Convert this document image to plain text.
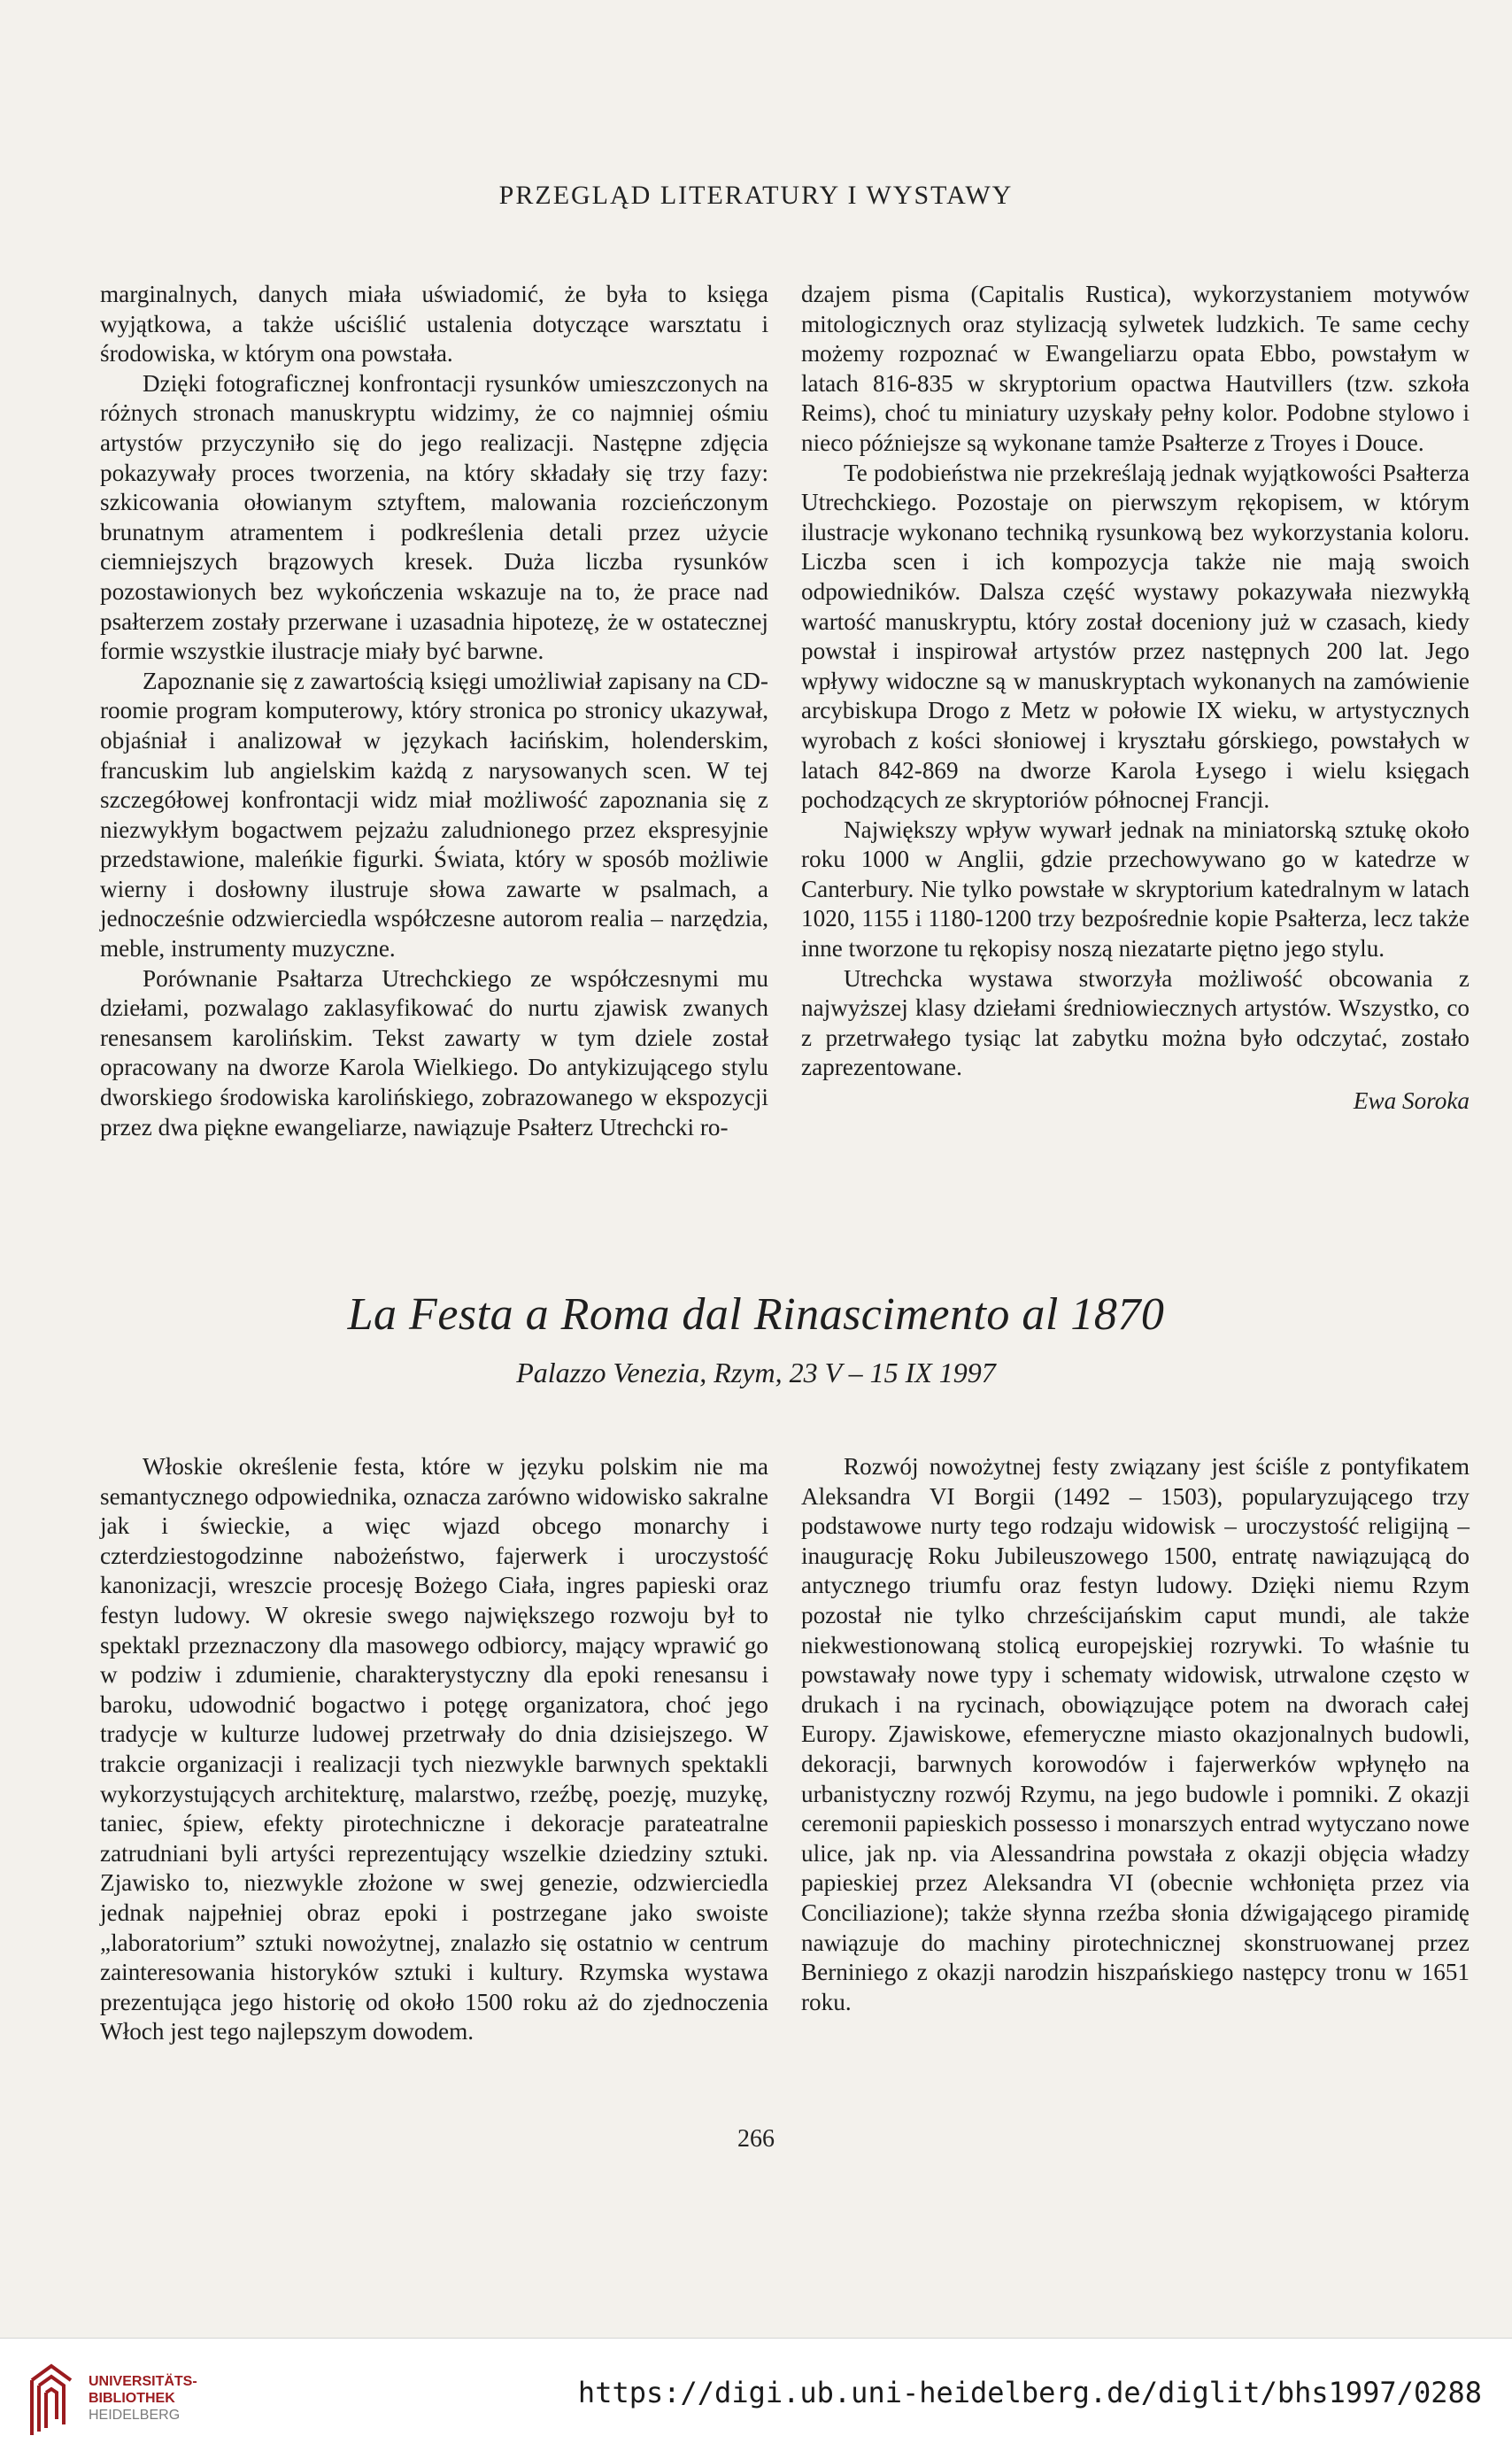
PRZEGLĄD LITERATURY I WYSTAWY

marginalnych, danych miała uświadomić, że była to księga wyjątkowa, a także uściślić ustalenia dotyczące warsztatu i środowiska, w którym ona powstała.

Dzięki fotograficznej konfrontacji rysunków umieszczonych na różnych stronach manuskryptu widzimy, że co najmniej ośmiu artystów przyczyniło się do jego realizacji. Następne zdjęcia pokazywały proces tworzenia, na który składały się trzy fazy: szkicowania ołowianym sztyftem, malowania rozcieńczonym brunatnym atramentem i podkreślenia detali przez użycie ciemniejszych brązowych kresek. Duża liczba rysunków pozostawionych bez wykończenia wskazuje na to, że prace nad psałterzem zostały przerwane i uzasadnia hipotezę, że w ostatecznej formie wszystkie ilustracje miały być barwne.

Zapoznanie się z zawartością księgi umożliwiał zapisany na CD-roomie program komputerowy, który stronica po stronicy ukazywał, objaśniał i analizował w językach łacińskim, holenderskim, francuskim lub angielskim każdą z narysowanych scen. W tej szczegółowej konfrontacji widz miał możliwość zapoznania się z niezwykłym bogactwem pejzażu zaludnionego przez ekspresyjnie przedstawione, maleńkie figurki. Świata, który w sposób możliwie wierny i dosłowny ilustruje słowa zawarte w psalmach, a jednocześnie odzwierciedla współczesne autorom realia – narzędzia, meble, instrumenty muzyczne.

Porównanie Psałtarza Utrechckiego ze współczesnymi mu dziełami, pozwalago zaklasyfikować do nurtu zjawisk zwanych renesansem karolińskim. Tekst zawarty w tym dziele został opracowany na dworze Karola Wielkiego. Do antykizującego stylu dworskiego środowiska karolińskiego, zobrazowanego w ekspozycji przez dwa piękne ewangeliarze, nawiązuje Psałterz Utrechcki ro-

dzajem pisma (Capitalis Rustica), wykorzystaniem motywów mitologicznych oraz stylizacją sylwetek ludzkich. Te same cechy możemy rozpoznać w Ewangeliarzu opata Ebbo, powstałym w latach 816-835 w skryptorium opactwa Hautvillers (tzw. szkoła Reims), choć tu miniatury uzyskały pełny kolor. Podobne stylowo i nieco późniejsze są wykonane tamże Psałterze z Troyes i Douce.

Te podobieństwa nie przekreślają jednak wyjątkowości Psałterza Utrechckiego. Pozostaje on pierwszym rękopisem, w którym ilustracje wykonano techniką rysunkową bez wykorzystania koloru. Liczba scen i ich kompozycja także nie mają swoich odpowiedników. Dalsza część wystawy pokazywała niezwykłą wartość manuskryptu, który został doceniony już w czasach, kiedy powstał i inspirował artystów przez następnych 200 lat. Jego wpływy widoczne są w manuskryptach wykonanych na zamówienie arcybiskupa Drogo z Metz w połowie IX wieku, w artystycznych wyrobach z kości słoniowej i kryształu górskiego, powstałych w latach 842-869 na dworze Karola Łysego i wielu księgach pochodzących ze skryptoriów północnej Francji.

Największy wpływ wywarł jednak na miniatorską sztukę około roku 1000 w Anglii, gdzie przechowywano go w katedrze w Canterbury. Nie tylko powstałe w skryptorium katedralnym w latach 1020, 1155 i 1180-1200 trzy bezpośrednie kopie Psałterza, lecz także inne tworzone tu rękopisy noszą niezatarte piętno jego stylu.

Utrechcka wystawa stworzyła możliwość obcowania z najwyższej klasy dziełami średniowiecznych artystów. Wszystko, co z przetrwałego tysiąc lat zabytku można było odczytać, zostało zaprezentowane.

Ewa Soroka
La Festa a Roma dal Rinascimento al 1870
Palazzo Venezia, Rzym, 23 V – 15 IX 1997

Włoskie określenie festa, które w języku polskim nie ma semantycznego odpowiednika, oznacza zarówno widowisko sakralne jak i świeckie, a więc wjazd obcego monarchy i czterdziestogodzinne nabożeństwo, fajerwerk i uroczystość kanonizacji, wreszcie procesję Bożego Ciała, ingres papieski oraz festyn ludowy. W okresie swego największego rozwoju był to spektakl przeznaczony dla masowego odbiorcy, mający wprawić go w podziw i zdumienie, charakterystyczny dla epoki renesansu i baroku, udowodnić bogactwo i potęgę organizatora, choć jego tradycje w kulturze ludowej przetrwały do dnia dzisiejszego. W trakcie organizacji i realizacji tych niezwykle barwnych spektakli wykorzystujących architekturę, malarstwo, rzeźbę, poezję, muzykę, taniec, śpiew, efekty pirotechniczne i dekoracje parateatralne zatrudniani byli artyści reprezentujący wszelkie dziedziny sztuki. Zjawisko to, niezwykle złożone w swej genezie, odzwierciedla jednak najpełniej obraz epoki i postrzegane jako swoiste „laboratorium” sztuki nowożytnej, znalazło się ostatnio w centrum zainteresowania historyków sztuki i kultury. Rzymska wystawa prezentująca jego historię od około 1500 roku aż do zjednoczenia Włoch jest tego najlepszym dowodem.

Rozwój nowożytnej festy związany jest ściśle z pontyfikatem Aleksandra VI Borgii (1492 – 1503), popularyzującego trzy podstawowe nurty tego rodzaju widowisk – uroczystość religijną – inaugurację Roku Jubileuszowego 1500, entratę nawiązującą do antycznego triumfu oraz festyn ludowy. Dzięki niemu Rzym pozostał nie tylko chrześcijańskim caput mundi, ale także niekwestionowaną stolicą europejskiej rozrywki. To właśnie tu powstawały nowe typy i schematy widowisk, utrwalone często w drukach i na rycinach, obowiązujące potem na dworach całej Europy. Zjawiskowe, efemeryczne miasto okazjonalnych budowli, dekoracji, barwnych korowodów i fajerwerków wpłynęło na urbanistyczny rozwój Rzymu, na jego budowle i pomniki. Z okazji ceremonii papieskich possesso i monarszych entrad wytyczano nowe ulice, jak np. via Alessandrina powstała z okazji objęcia władzy papieskiej przez Aleksandra VI (obecnie wchłonięta przez via Conciliazione); także słynna rzeźba słonia dźwigającego piramidę nawiązuje do machiny pirotechnicznej skonstruowanej przez Berniniego z okazji narodzin hiszpańskiego następcy tronu w 1651 roku.

266
UNIVERSITÄTS-
BIBLIOTHEK
HEIDELBERG
https://digi.ub.uni-heidelberg.de/diglit/bhs1997/0288
